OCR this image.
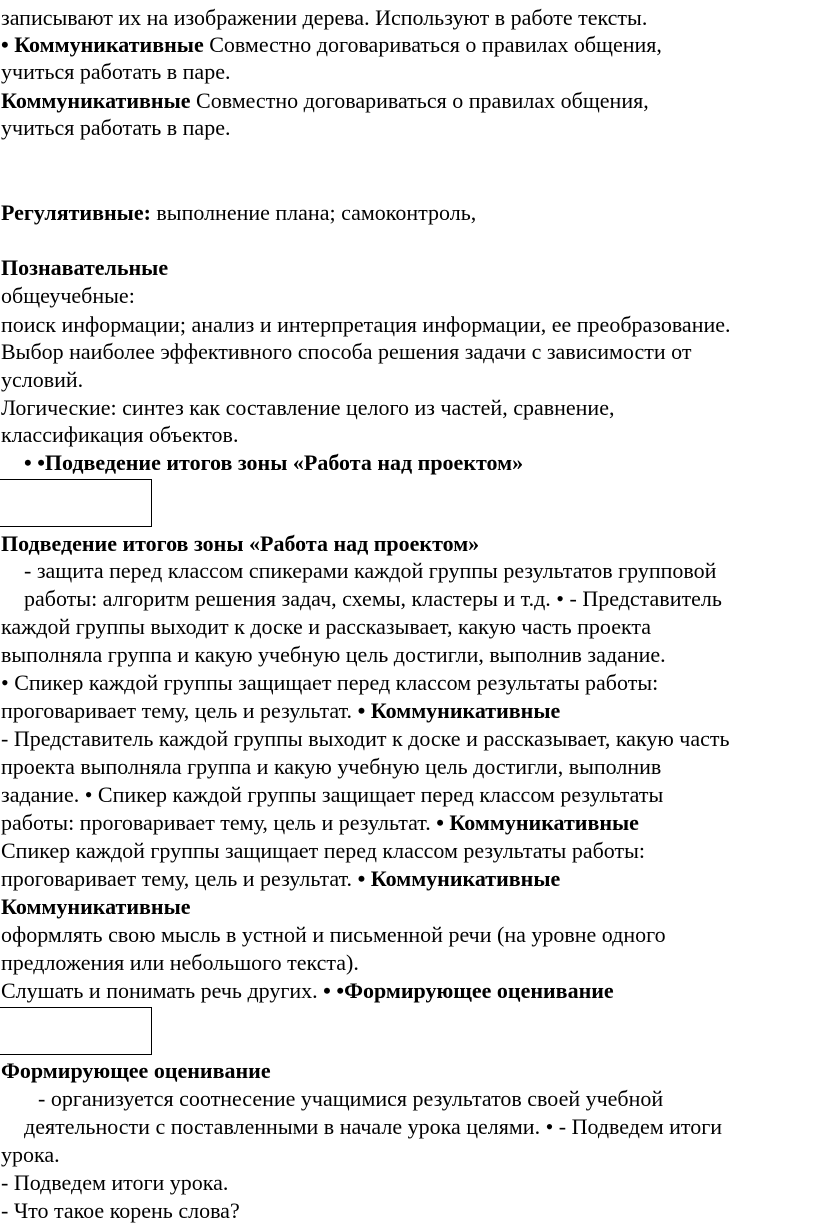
записывают их на изображении дерева. Используют в работе тексты.

• Коммуникативные Совместно договариваться о правилах общения,

учиться работать в паре.

Коммуникативные Совместно договариваться о правилах общения,

учиться работать в паре.

Регулятивные: выполнение плана; самоконтроль,

Познавательные

общеучебные:

поиск информации; анализ и интерпретация информации, ее преобразование.

Выбор наиболее эффективного способа решения задачи с зависимости от

условий.

Логические: синтез как составление целого из частей, сравнение,

классификация объектов.

• •Подведение итогов зоны «Работа над проектом»

Подведение итогов зоны «Работа над проектом»

- защита перед классом спикерами каждой группы результатов групповой

работы: алгоритм решения задач, схемы, кластеры и т.д. • - Представитель

каждой группы выходит к доске и рассказывает, какую часть проекта

выполняла группа и какую учебную цель достигли, выполнив задание.

• Спикер каждой группы защищает перед классом результаты работы:

проговаривает тему, цель и результат. • Коммуникативные

- Представитель каждой группы выходит к доске и рассказывает, какую часть

проекта выполняла группа и какую учебную цель достигли, выполнив

задание. • Спикер каждой группы защищает перед классом результаты

работы: проговаривает тему, цель и результат. • Коммуникативные

Спикер каждой группы защищает перед классом результаты работы:

проговаривает тему, цель и результат. • Коммуникативные

Коммуникативные

оформлять свою мысль в устной и письменной речи (на уровне одного

предложения или небольшого текста).

Слушать и понимать речь других. • •Формирующее оценивание

Формирующее оценивание

- организуется соотнесение учащимися результатов своей учебной

деятельности с поставленными в начале урока целями. • - Подведем итоги

урока.

- Подведем итоги урока.

- Что такое корень слова?
